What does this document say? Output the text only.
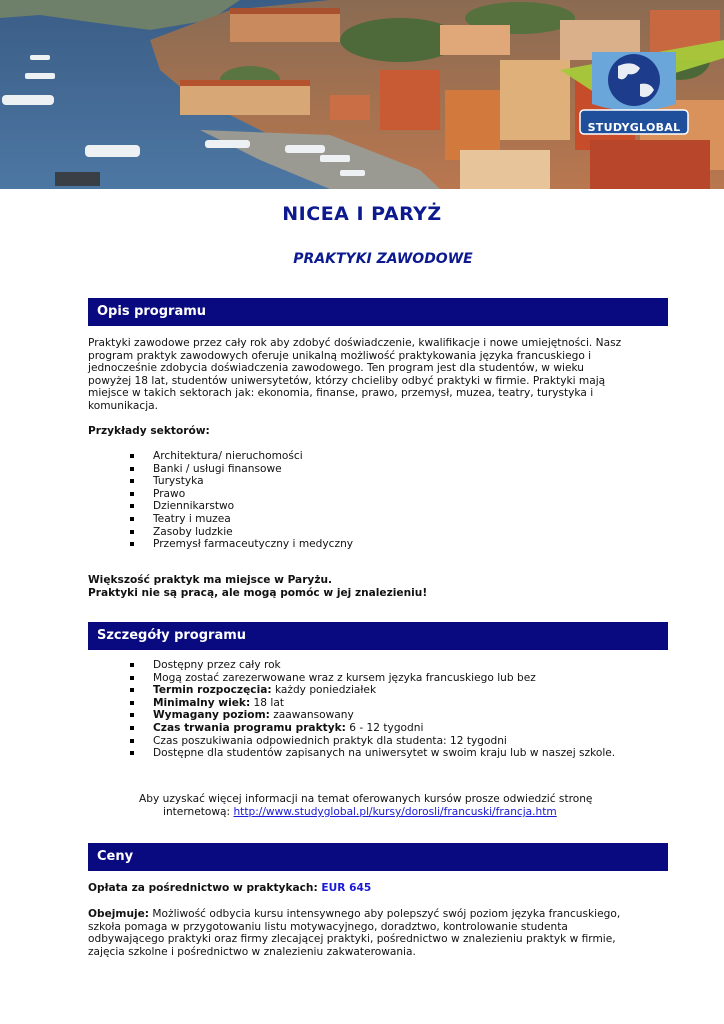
STUDYGLOBAL
NICEA I PARYŻ
PRAKTYKI ZAWODOWE
Opis programu
Praktyki zawodowe przez cały rok aby zdobyć doświadczenie, kwalifikacje i nowe umiejętności. Nasz program praktyk zawodowych oferuje unikalną możliwość praktykowania języka francuskiego i jednocześnie zdobycia doświadczenia zawodowego. Ten program jest dla studentów, w wieku powyżej 18 lat, studentów uniwersytetów, którzy chcieliby odbyć praktyki w firmie. Praktyki mają miejsce w takich sektorach jak: ekonomia, finanse, prawo, przemysł, muzea, teatry, turystyka i komunikacja.
Przykłady sektorów:
Architektura/ nieruchomości
Banki / usługi finansowe
Turystyka
Prawo
Dziennikarstwo
Teatry i muzea
Zasoby ludzkie
Przemysł farmaceutyczny i medyczny
Większość praktyk ma miejsce w Paryżu.
Praktyki nie są pracą, ale mogą pomóc w jej znalezieniu!
Szczegóły programu
Dostępny przez cały rok
Mogą zostać zarezerwowane wraz z kursem języka francuskiego lub bez
Termin rozpoczęcia: każdy poniedziałek
Minimalny wiek: 18 lat
Wymagany poziom: zaawansowany
Czas trwania programu praktyk: 6 - 12 tygodni
Czas poszukiwania odpowiednich praktyk dla studenta: 12 tygodni
Dostępne dla studentów zapisanych na uniwersytet w swoim kraju lub w naszej szkole.
Aby uzyskać więcej informacji na temat oferowanych kursów prosze odwiedzić stronę
internetową: http://www.studyglobal.pl/kursy/dorosli/francuski/francja.htm
Ceny
Opłata za pośrednictwo w praktykach: EUR 645
Obejmuje: Możliwość odbycia kursu intensywnego aby polepszyć swój poziom języka francuskiego, szkoła pomaga w przygotowaniu listu motywacyjnego, doradztwo, kontrolowanie studenta odbywającego praktyki oraz firmy zlecającej praktyki, pośrednictwo w znalezieniu praktyk w firmie, zajęcia szkolne i pośrednictwo w znalezieniu zakwaterowania.
